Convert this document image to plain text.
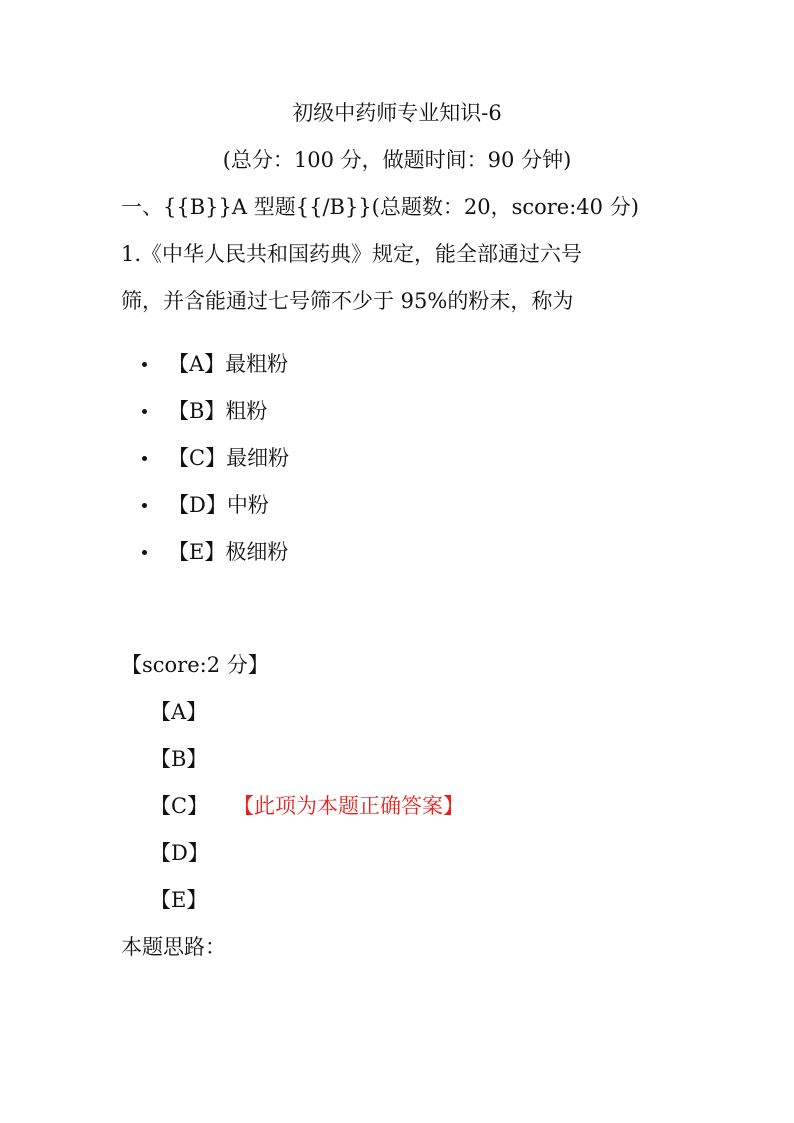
初级中药师专业知识-6
(总分：100 分，做题时间：90 分钟)
一、{{B}}A 型题{{/B}}(总题数：20，score:40 分)
1.《中华人民共和国药典》规定，能全部通过六号
筛，并含能通过七号筛不少于 95%的粉末，称为
【A】最粗粉
【B】粗粉
【C】最细粉
【D】中粉
【E】极细粉
【score:2 分】
【A】
【B】
【C】 【此项为本题正确答案】
【D】
【E】
本题思路：
